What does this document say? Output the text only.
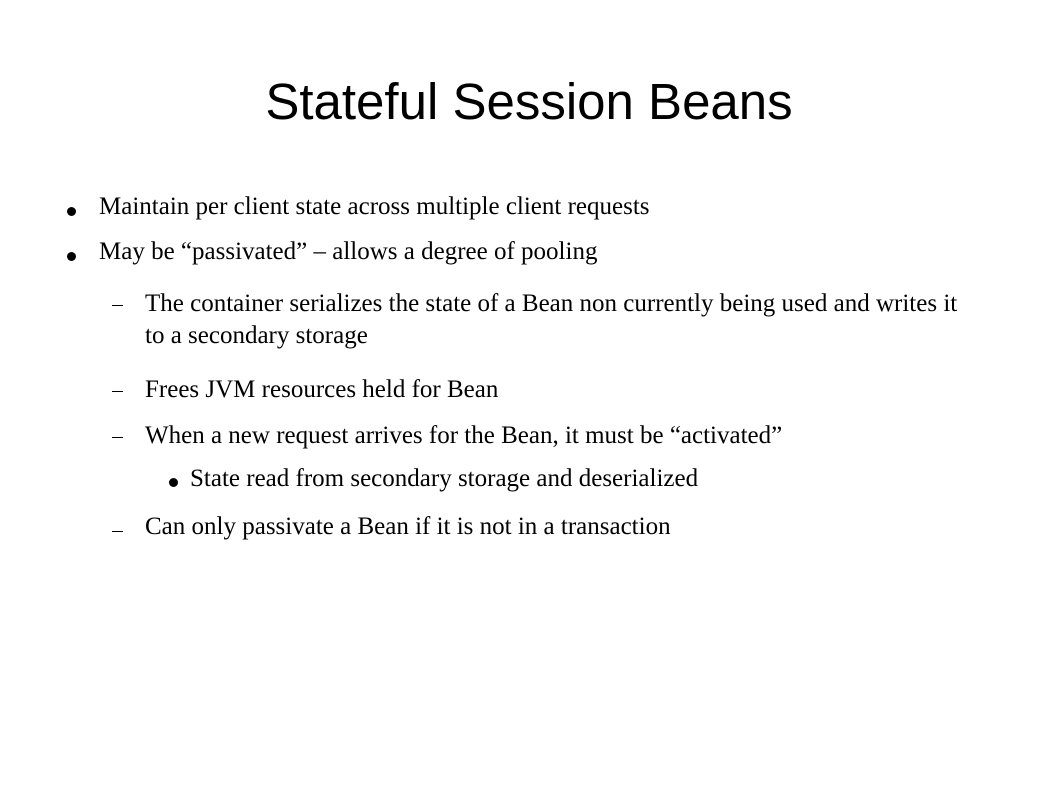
Stateful Session Beans
Maintain per client state across multiple client requests
May be “passivated” – allows a degree of pooling
The container serializes the state of a Bean non currently being used and writes it to a secondary storage
Frees JVM resources held for Bean
When a new request arrives for the Bean, it must be “activated”
State read from secondary storage and deserialized
Can only passivate a Bean if it is not in a transaction
